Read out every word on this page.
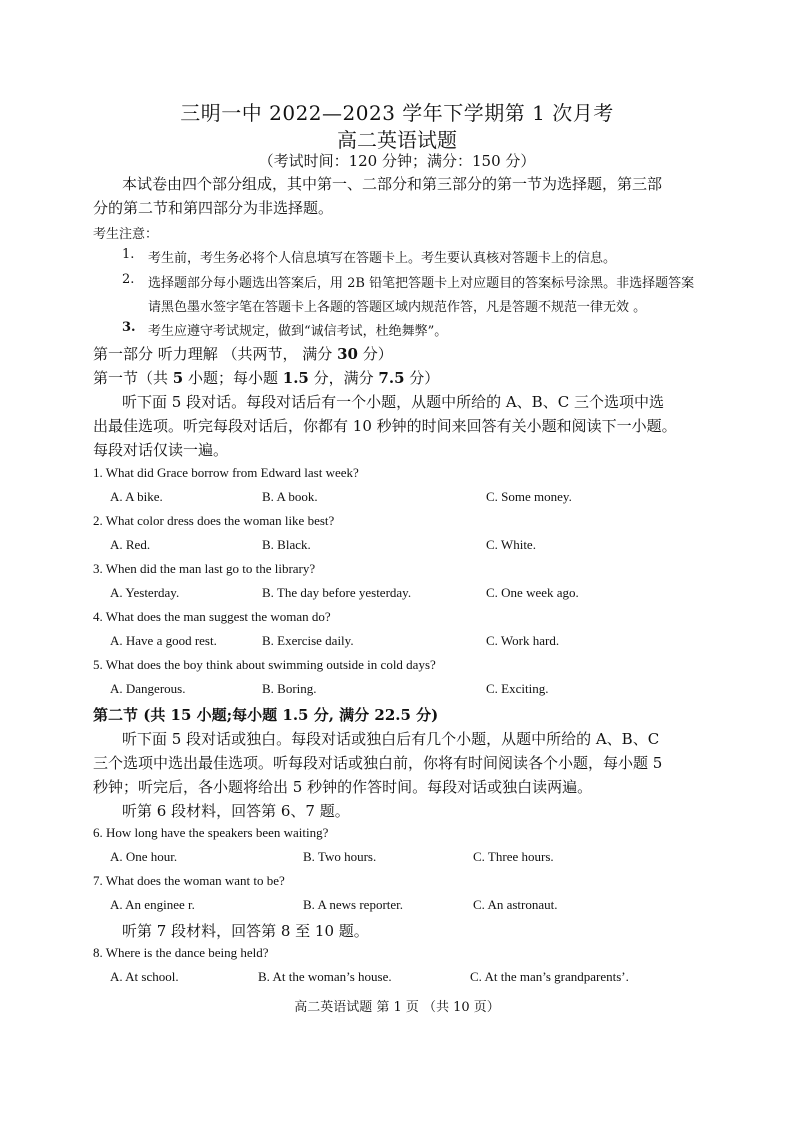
三明一中 2022—2023 学年下学期第 1 次月考
高二英语试题
（考试时间：120 分钟；满分：150 分）
本试卷由四个部分组成，其中第一、二部分和第三部分的第一节为选择题，第三部
分的第二节和第四部分为非选择题。
考生注意：
1. 考生前，考生务必将个人信息填写在答题卡上。考生要认真核对答题卡上的信息。
2. 选择题部分每小题选出答案后，用 2B 铅笔把答题卡上对应题目的答案标号涂黑。非选择题答案
请黑色墨水签字笔在答题卡上各题的答题区域内规范作答，凡是答题不规范一律无效 。
3. 考生应遵守考试规定，做到“诚信考试，杜绝舞弊”。
第一部分 听力理解 （共两节， 满分 30 分）
第一节（共 5 小题；每小题 1.5 分，满分 7.5 分）
听下面 5 段对话。每段对话后有一个小题，从题中所给的 A、B、C 三个选项中选
出最佳选项。听完每段对话后，你都有 10 秒钟的时间来回答有关小题和阅读下一小题。
每段对话仅读一遍。
1. What did Grace borrow from Edward last week?
A. A bike.	B. A book.	C. Some money.
2. What color dress does the woman like best?
A. Red.	B. Black.	C. White.
3. When did the man last go to the library?
A. Yesterday.	B. The day before yesterday.	C. One week ago.
4. What does the man suggest the woman do?
A. Have a good rest.	B. Exercise daily.	C. Work hard.
5. What does the boy think about swimming outside in cold days?
A. Dangerous.	B. Boring.	C. Exciting.
第二节 (共 15 小题;每小题 1.5 分, 满分 22.5 分)
听下面 5 段对话或独白。每段对话或独白后有几个小题，从题中所给的 A、B、C
三个选项中选出最佳选项。听每段对话或独白前，你将有时间阅读各个小题，每小题 5
秒钟；听完后，各小题将给出 5 秒钟的作答时间。每段对话或独白读两遍。
听第 6 段材料，回答第 6、7 题。
6. How long have the speakers been waiting?
A. One hour.	B. Two hours.	C. Three hours.
7. What does the woman want to be?
A. An enginee r.	B. A news reporter.	C. An astronaut.
听第 7 段材料，回答第 8 至 10 题。
8. Where is the dance being held?
A. At school.	B. At the woman’s house.	C. At the man’s grandparents’.
高二英语试题 第 1 页 （共 10 页）
